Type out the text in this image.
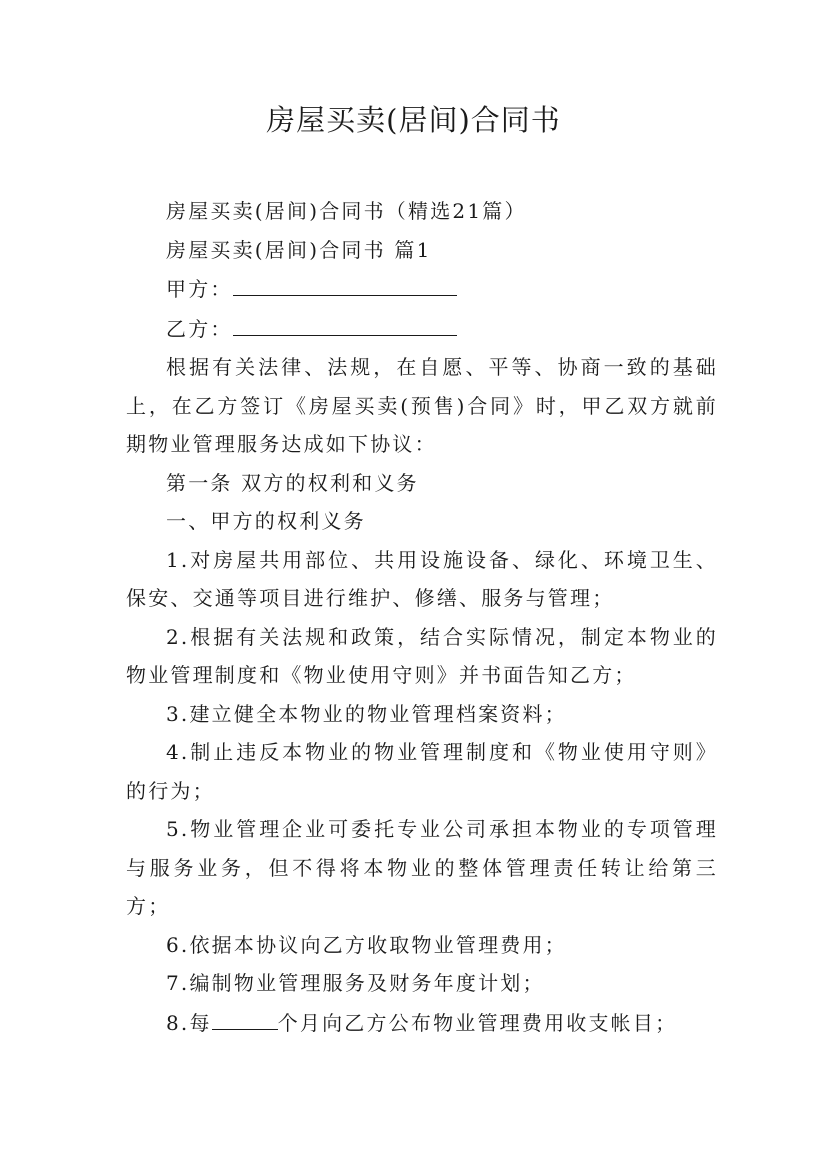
房屋买卖(居间)合同书

房屋买卖(居间)合同书（精选21篇）

房屋买卖(居间)合同书 篇1

甲方：

乙方：

根据有关法律、法规，在自愿、平等、协商一致的基础上，在乙方签订《房屋买卖(预售)合同》时，甲乙双方就前期物业管理服务达成如下协议：

第一条 双方的权利和义务

一、甲方的权利义务

1.对房屋共用部位、共用设施设备、绿化、环境卫生、保安、交通等项目进行维护、修缮、服务与管理；

2.根据有关法规和政策，结合实际情况，制定本物业的物业管理制度和《物业使用守则》并书面告知乙方；

3.建立健全本物业的物业管理档案资料；

4.制止违反本物业的物业管理制度和《物业使用守则》的行为；

5.物业管理企业可委托专业公司承担本物业的专项管理与服务业务，但不得将本物业的整体管理责任转让给第三方；

6.依据本协议向乙方收取物业管理费用；

7.编制物业管理服务及财务年度计划；

8.每	个月向乙方公布物业管理费用收支帐目；
